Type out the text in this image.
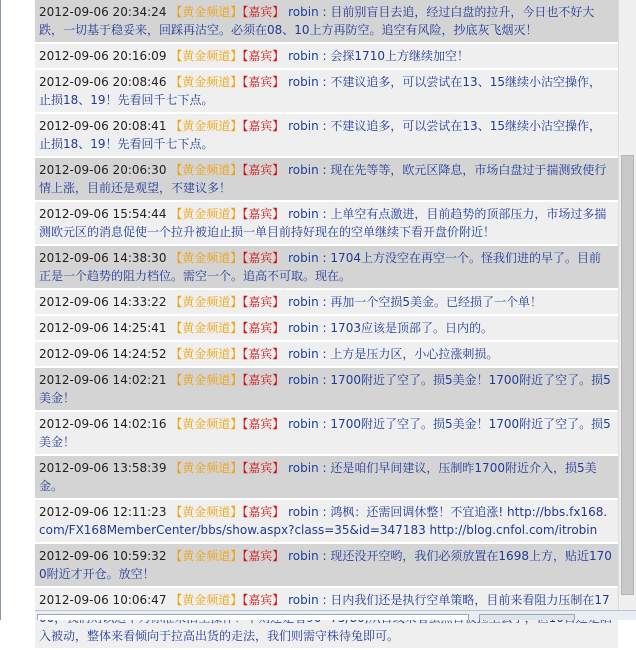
2012-09-06 20:34:24 【黄金频道】【嘉宾】 robin : 目前别盲目去追，经过白盘的拉升，今日也不好大跌，一切基于稳妥来，回踩再沽空。必须在08、10上方再防空。追空有风险，抄底灰飞烟灭！
2012-09-06 20:16:09 【黄金频道】【嘉宾】 robin : 会探1710上方继续加空！
2012-09-06 20:08:46 【黄金频道】【嘉宾】 robin : 不建议追多，可以尝试在13、15继续小沽空操作，止损18、19！先看回千七下点。
2012-09-06 20:08:41 【黄金频道】【嘉宾】 robin : 不建议追多，可以尝试在13、15继续小沽空操作，止损18、19！先看回千七下点。
2012-09-06 20:06:30 【黄金频道】【嘉宾】 robin : 现在先等等，欧元区降息，市场白盘过于揣测致使行情上涨，目前还是观望，不建议多！
2012-09-06 15:54:44 【黄金频道】【嘉宾】 robin : 上单空有点激进，目前趋势的顶部压力，市场过多揣测欧元区的消息促使一个拉升被迫止损一单目前持好现在的空单继续下看开盘价附近！
2012-09-06 14:38:30 【黄金频道】【嘉宾】 robin : 1704上方没空在再空一个。怪我们进的早了。目前正是一个趋势的阻力档位。需空一个。追高不可取。现在。
2012-09-06 14:33:22 【黄金频道】【嘉宾】 robin : 再加一个空损5美金。已经损了一个单！
2012-09-06 14:25:41 【黄金频道】【嘉宾】 robin : 1703应该是顶部了。日内的。
2012-09-06 14:24:52 【黄金频道】【嘉宾】 robin : 上方是压力区，小心拉涨刺损。
2012-09-06 14:02:21 【黄金频道】【嘉宾】 robin : 1700附近了空了。损5美金！1700附近了空了。损5美金！
2012-09-06 14:02:16 【黄金频道】【嘉宾】 robin : 1700附近了空了。损5美金！1700附近了空了。损5美金！
2012-09-06 13:58:39 【黄金频道】【嘉宾】 robin : 还是咱们早间建议，压制昨1700附近介入，损5美金。
2012-09-06 12:11:23 【黄金频道】【嘉宾】 robin : 鸿枫：还需回调休整！不宜追涨! http://bbs.fx168.com/FX168MemberCenter/bbs/show.aspx?class=35&id=347183 http://blog.cnfol.com/itrobin
2012-09-06 10:59:32 【黄金频道】【嘉宾】 robin : 现还没开空哟，我们必须放置在1698上方，贴近1700附近才开仓。放空！
2012-09-06 10:06:47 【黄金频道】【嘉宾】 robin : 日内我们还是执行空单策略，目前来看阻力压制在17 入被动，整体来看倾向于拉高出货的走法，我们则需守株待兔即可。
